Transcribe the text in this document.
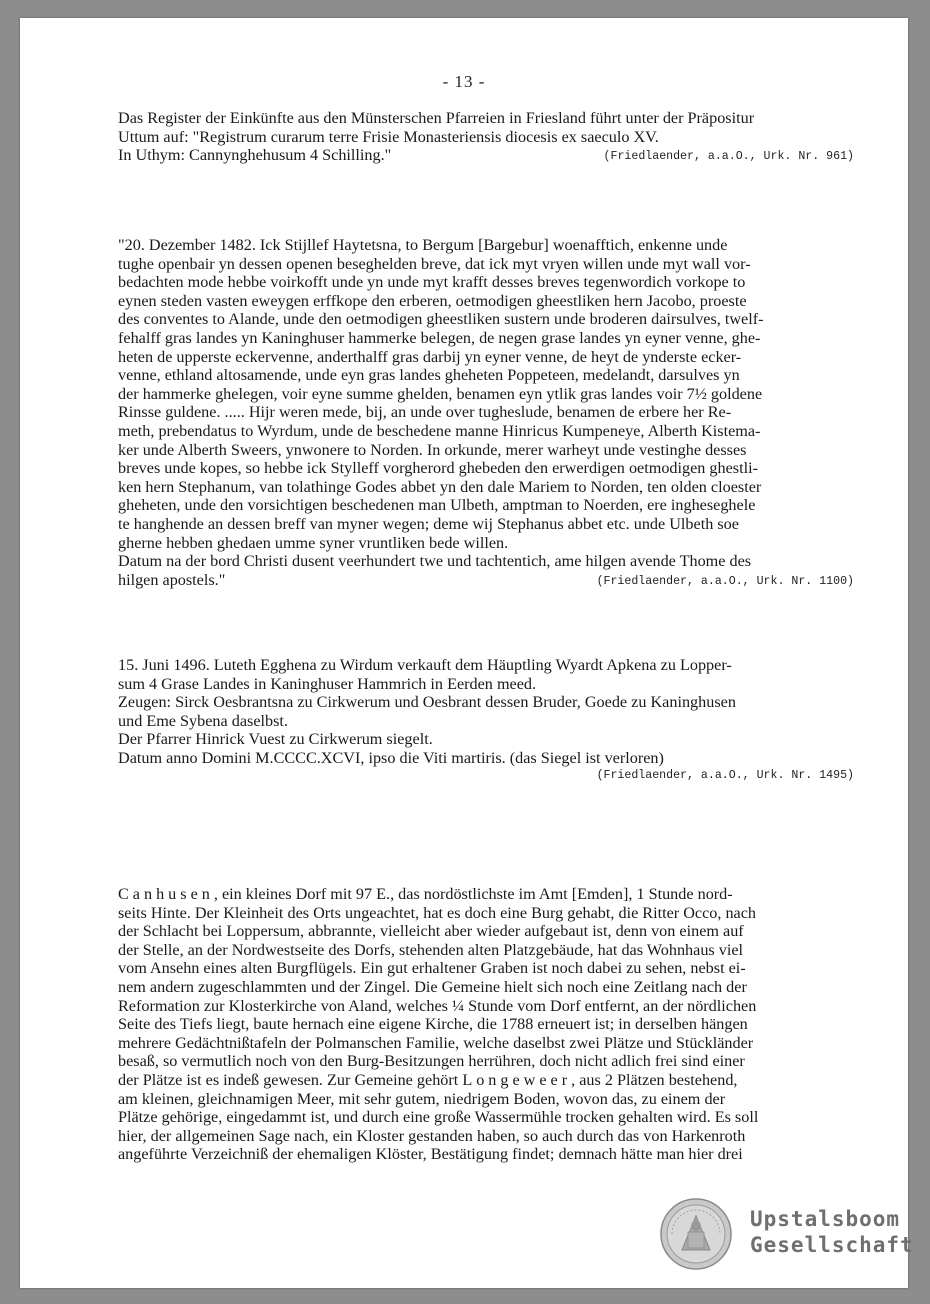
- 13 -
Das Register der Einkünfte aus den Münsterschen Pfarreien in Friesland führt unter der Präpositur
Uttum auf: "Registrum curarum terre Frisie Monasteriensis diocesis ex saeculo XV.
In Uthym: Cannynghehusum 4 Schilling."	(Friedlaender, a.a.O., Urk. Nr. 961)
"20. Dezember 1482. Ick Stijllef Haytetsna, to Bergum [Bargebur] woenafftich, enkenne unde
tughe openbair yn dessen openen beseghelden breve, dat ick myt vryen willen unde myt wall vor-
bedachten mode hebbe voirkofft unde yn unde myt krafft desses breves tegenwordich vorkope to
eynen steden vasten eweygen erffkope den erberen, oetmodigen gheestliken hern Jacobo, proeste
des conventes to Alande, unde den oetmodigen gheestliken sustern unde broderen dairsulves, twelf-
fehalff gras landes yn Kaninghuser hammerke belegen, de negen grase landes yn eyner venne, ghe-
heten de upperste eckervenne, anderthalff gras darbij yn eyner venne, de heyt de ynderste ecker-
venne, ethland altosamende, unde eyn gras landes gheheten Poppeteen, medelandt, darsulves yn
der hammerke ghelegen, voir eyne summe ghelden, benamen eyn ytlik gras landes voir 7½ goldene
Rinsse guldene. ..... Hijr weren mede, bij, an unde over tugheslude, benamen de erbere her Re-
meth, prebendatus to Wyrdum, unde de beschedene manne Hinricus Kumpeneye, Alberth Kistema-
ker unde Alberth Sweers, ynwonere to Norden. In orkunde, merer warheyt unde vestinghe desses
breves unde kopes, so hebbe ick Stylleff vorgherord ghebeden den erwerdigen oetmodigen ghestli-
ken hern Stephanum, van tolathinge Godes abbet yn den dale Mariem to Norden, ten olden cloester
gheheten, unde den vorsichtigen beschedenen man Ulbeth, amptman to Noerden, ere ingheseghele
te hanghende an dessen breff van myner wegen; deme wij Stephanus abbet etc. unde Ulbeth soe
gherne hebben ghedaen umme syner vruntliken bede willen.
Datum na der bord Christi dusent veerhundert twe und tachtentich, ame hilgen avende Thome des
hilgen apostels."	(Friedlaender, a.a.O., Urk. Nr. 1100)
15. Juni 1496. Luteth Egghena zu Wirdum verkauft dem Häuptling Wyardt Apkena zu Lopper-
sum 4 Grase Landes in Kaninghuser Hammrich in Eerden meed.
Zeugen: Sirck Oesbrantsna zu Cirkwerum und Oesbrant dessen Bruder, Goede zu Kaninghusen
und Eme Sybena daselbst.
Der Pfarrer Hinrick Vuest zu Cirkwerum siegelt.
Datum anno Domini M.CCCC.XCVI, ipso die Viti martiris. (das Siegel ist verloren)
(Friedlaender, a.a.O., Urk. Nr. 1495)
Canhusen, ein kleines Dorf mit 97 E., das nordöstlichste im Amt [Emden], 1 Stunde nord-
seits Hinte. Der Kleinheit des Orts ungeachtet, hat es doch eine Burg gehabt, die Ritter Occo, nach
der Schlacht bei Loppersum, abbrannte, vielleicht aber wieder aufgebaut ist, denn von einem auf
der Stelle, an der Nordwestseite des Dorfs, stehenden alten Platzgebäude, hat das Wohnhaus viel
vom Ansehn eines alten Burgflügels. Ein gut erhaltener Graben ist noch dabei zu sehen, nebst ei-
nem andern zugeschlammten und der Zingel. Die Gemeine hielt sich noch eine Zeitlang nach der
Reformation zur Klosterkirche von Aland, welches ¼ Stunde vom Dorf entfernt, an der nördlichen
Seite des Tiefs liegt, baute hernach eine eigene Kirche, die 1788 erneuert ist; in derselben hängen
mehrere Gedächtnißtafeln der Polmanschen Familie, welche daselbst zwei Plätze und Stückländer
besaß, so vermutlich noch von den Burg-Besitzungen herrühren, doch nicht adlich frei sind einer
der Plätze ist es indeß gewesen. Zur Gemeine gehört Longeweer, aus 2 Plätzen bestehend,
am kleinen, gleichnamigen Meer, mit sehr gutem, niedrigem Boden, wovon das, zu einem der
Plätze gehörige, eingedammt ist, und durch eine große Wassermühle trocken gehalten wird. Es soll
hier, der allgemeinen Sage nach, ein Kloster gestanden haben, so auch durch das von Harkenroth
angeführte Verzeichniß der ehemaligen Klöster, Bestätigung findet; demnach hätte man hier drei
Upstalsboom
Gesellschaft
